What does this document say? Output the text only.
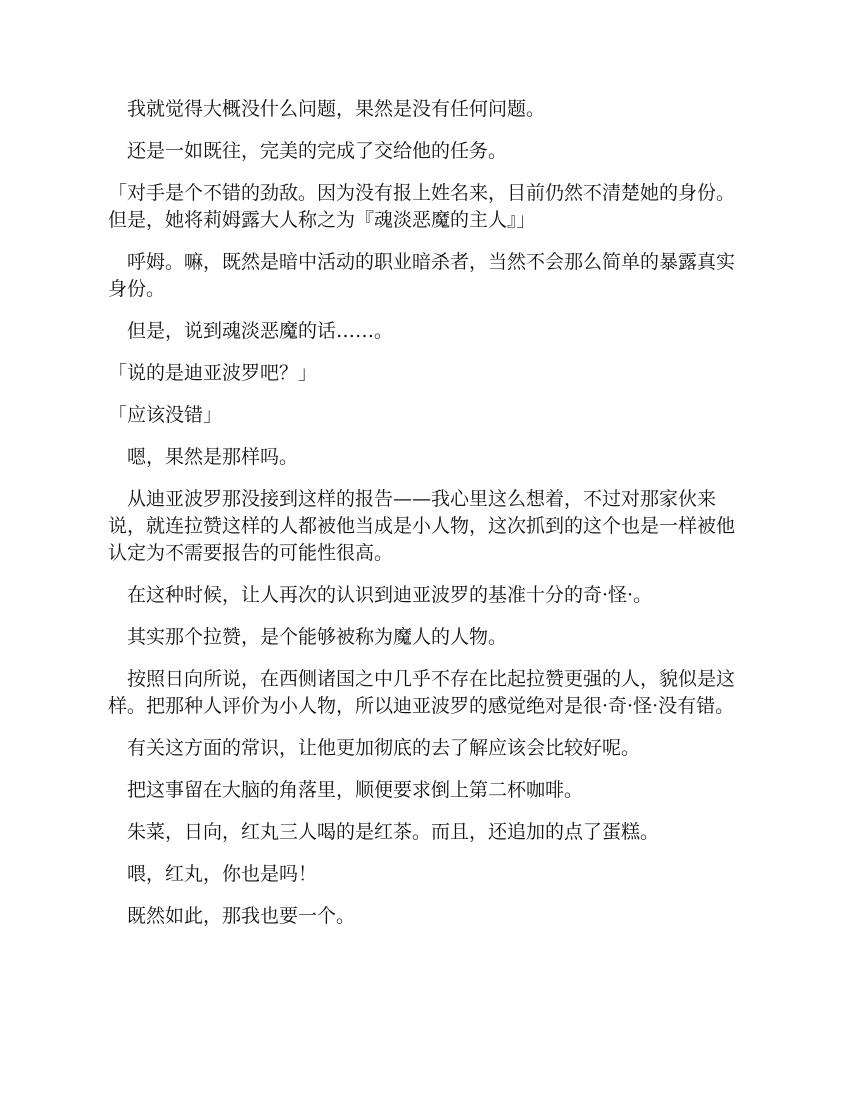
我就觉得大概没什么问题，果然是没有任何问题。

还是一如既往，完美的完成了交给他的任务。

「对手是个不错的劲敌。因为没有报上姓名来，目前仍然不清楚她的身份。但是，她将莉姆露大人称之为『魂淡恶魔的主人』」

呼姆。嘛，既然是暗中活动的职业暗杀者，当然不会那么简单的暴露真实身份。

但是，说到魂淡恶魔的话……。

「说的是迪亚波罗吧？」

「应该没错」

嗯，果然是那样吗。

从迪亚波罗那没接到这样的报告——我心里这么想着，不过对那家伙来说，就连拉赞这样的人都被他当成是小人物，这次抓到的这个也是一样被他认定为不需要报告的可能性很高。

在这种时候，让人再次的认识到迪亚波罗的基准十分的奇·怪·。

其实那个拉赞，是个能够被称为魔人的人物。

按照日向所说，在西侧诸国之中几乎不存在比起拉赞更强的人，貌似是这样。把那种人评价为小人物，所以迪亚波罗的感觉绝对是很·奇·怪·没有错。

有关这方面的常识，让他更加彻底的去了解应该会比较好呢。

把这事留在大脑的角落里，顺便要求倒上第二杯咖啡。

朱菜，日向，红丸三人喝的是红茶。而且，还追加的点了蛋糕。

喂，红丸，你也是吗！

既然如此，那我也要一个。
